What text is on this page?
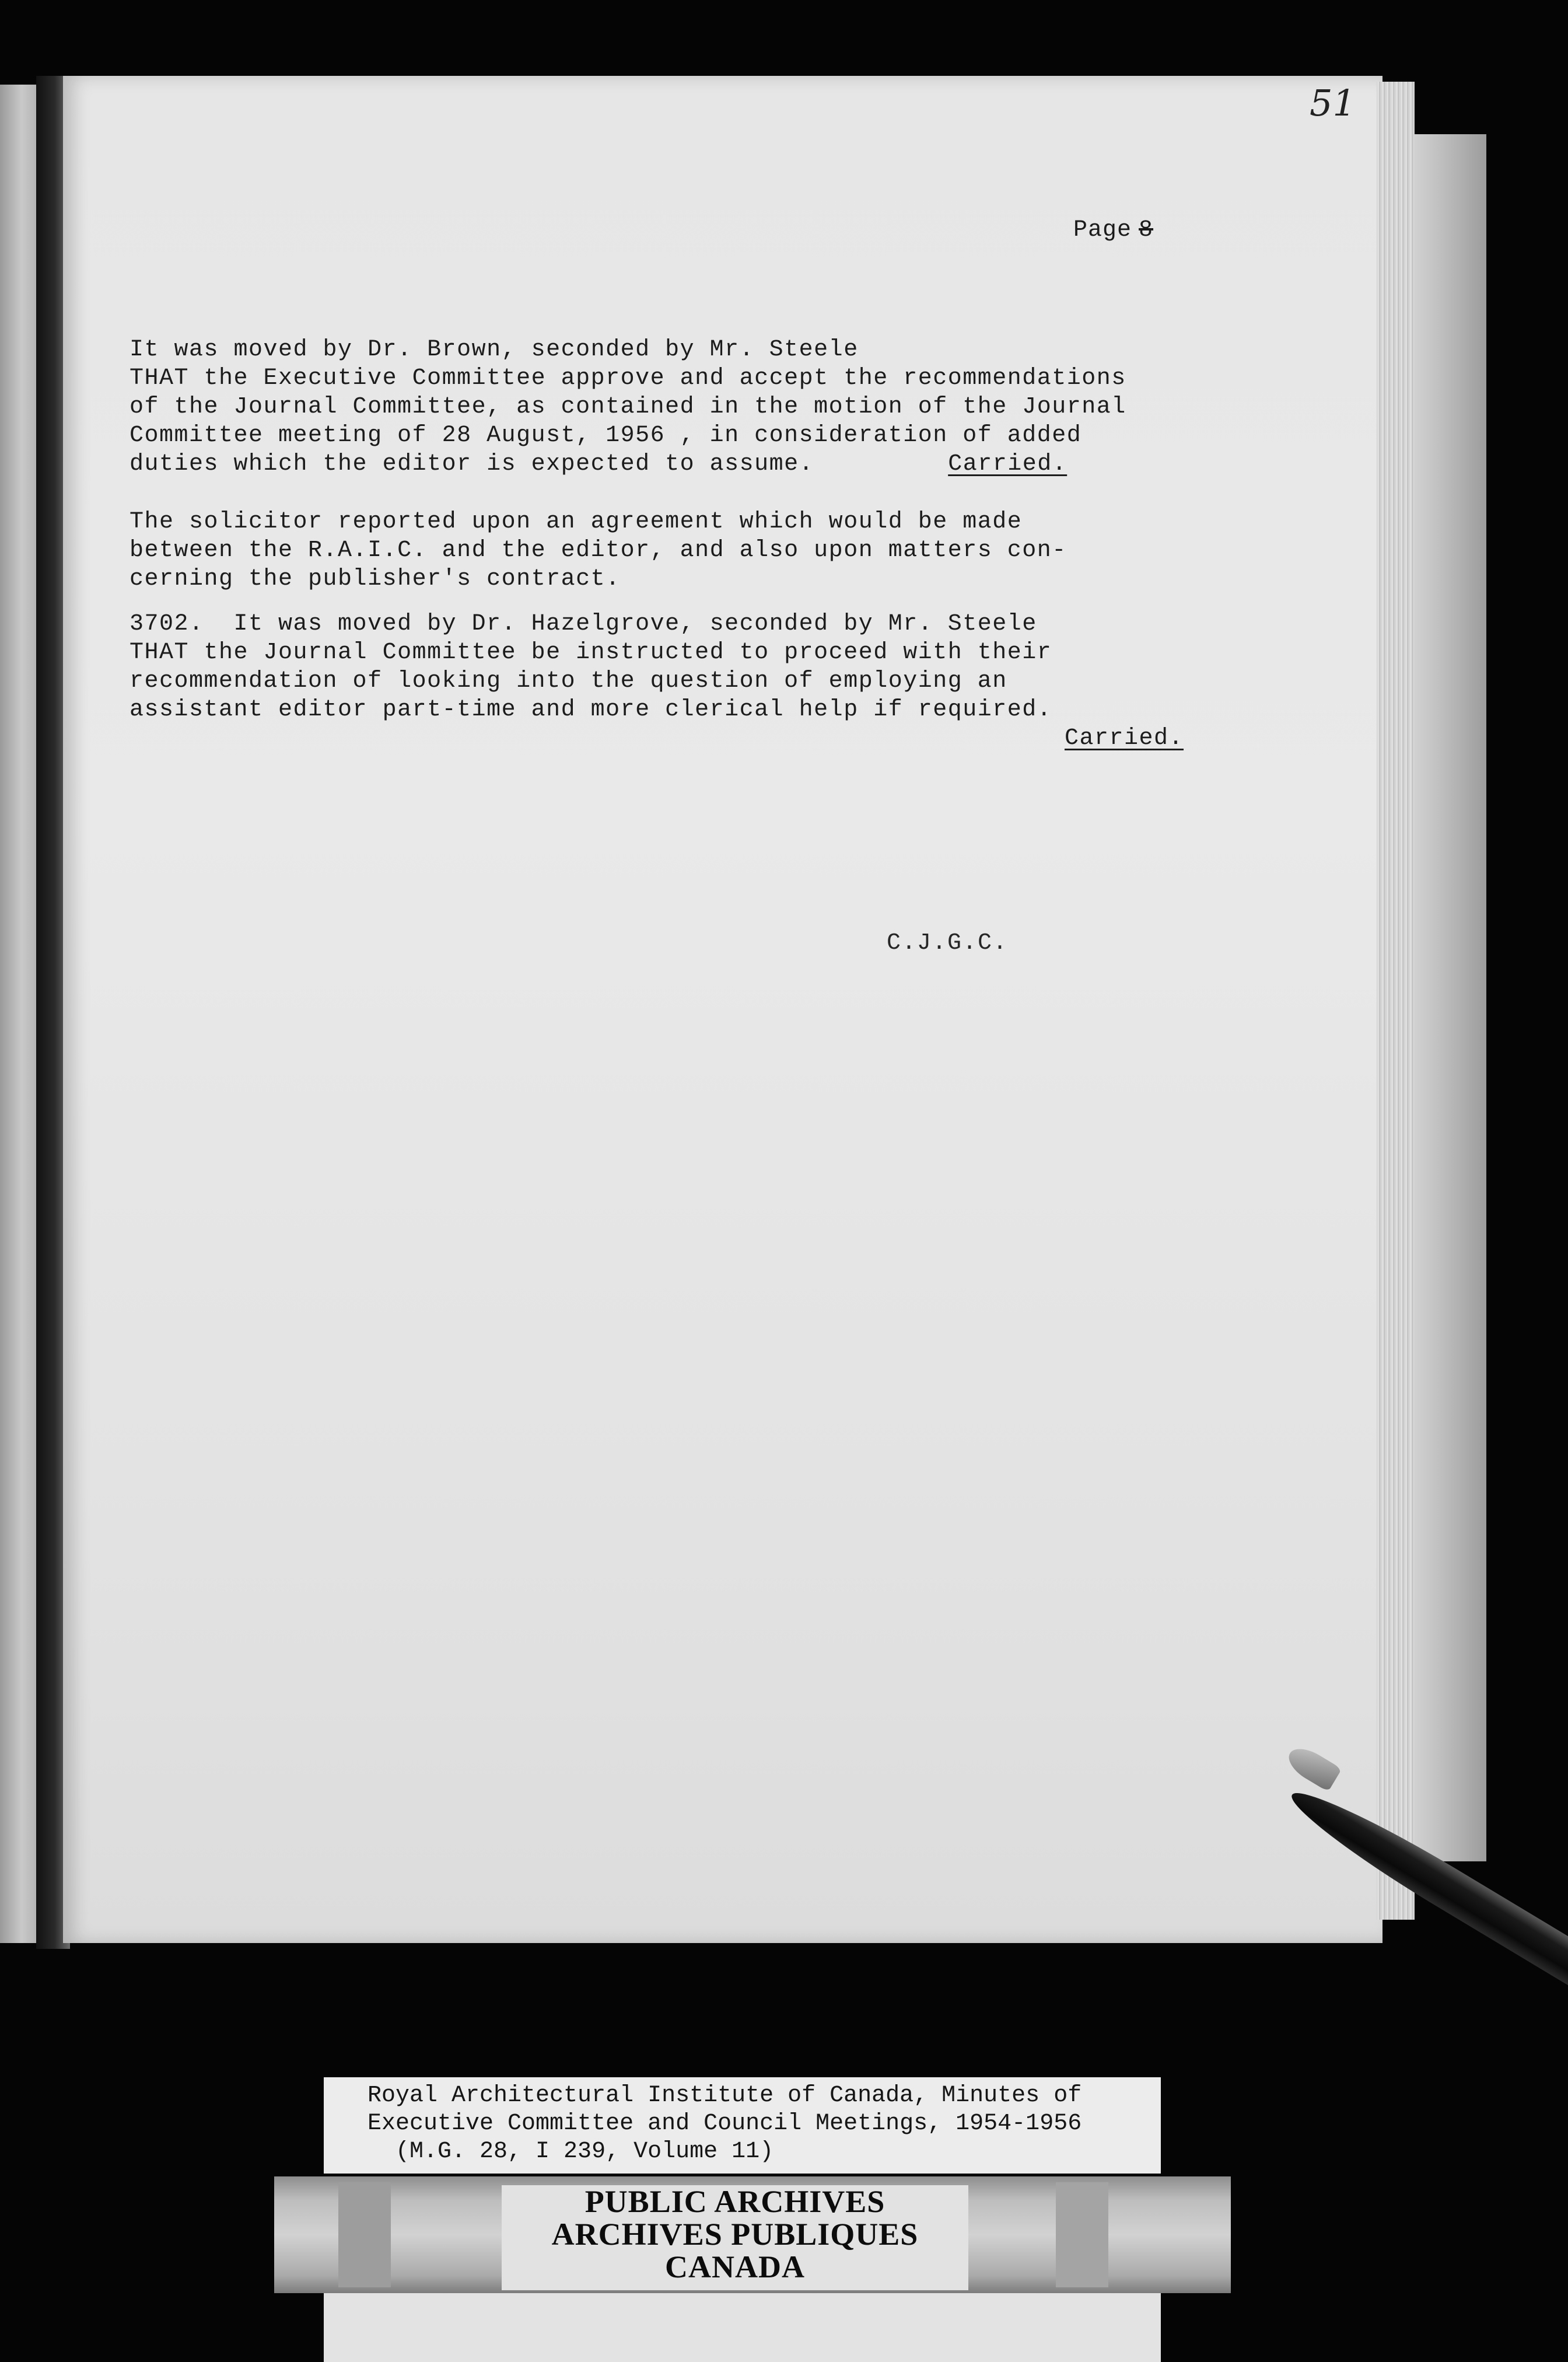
51
Page 8
It was moved by Dr. Brown, seconded by Mr. Steele
THAT the Executive Committee approve and accept the recommendations
of the Journal Committee, as contained in the motion of the Journal
Committee meeting of 28 August, 1956 , in consideration of added
duties which the editor is expected to assume.	Carried.
The solicitor reported upon an agreement which would be made
between the R.A.I.C. and the editor, and also upon matters con-
cerning the publisher's contract.
3702.  It was moved by Dr. Hazelgrove, seconded by Mr. Steele
THAT the Journal Committee be instructed to proceed with their
recommendation of looking into the question of employing an
assistant editor part-time and more clerical help if required.
Carried.
C.J.G.C.
Royal Architectural Institute of Canada, Minutes of
Executive Committee and Council Meetings, 1954-1956
(M.G. 28, I 239, Volume 11)
PUBLIC ARCHIVES
ARCHIVES PUBLIQUES
CANADA
